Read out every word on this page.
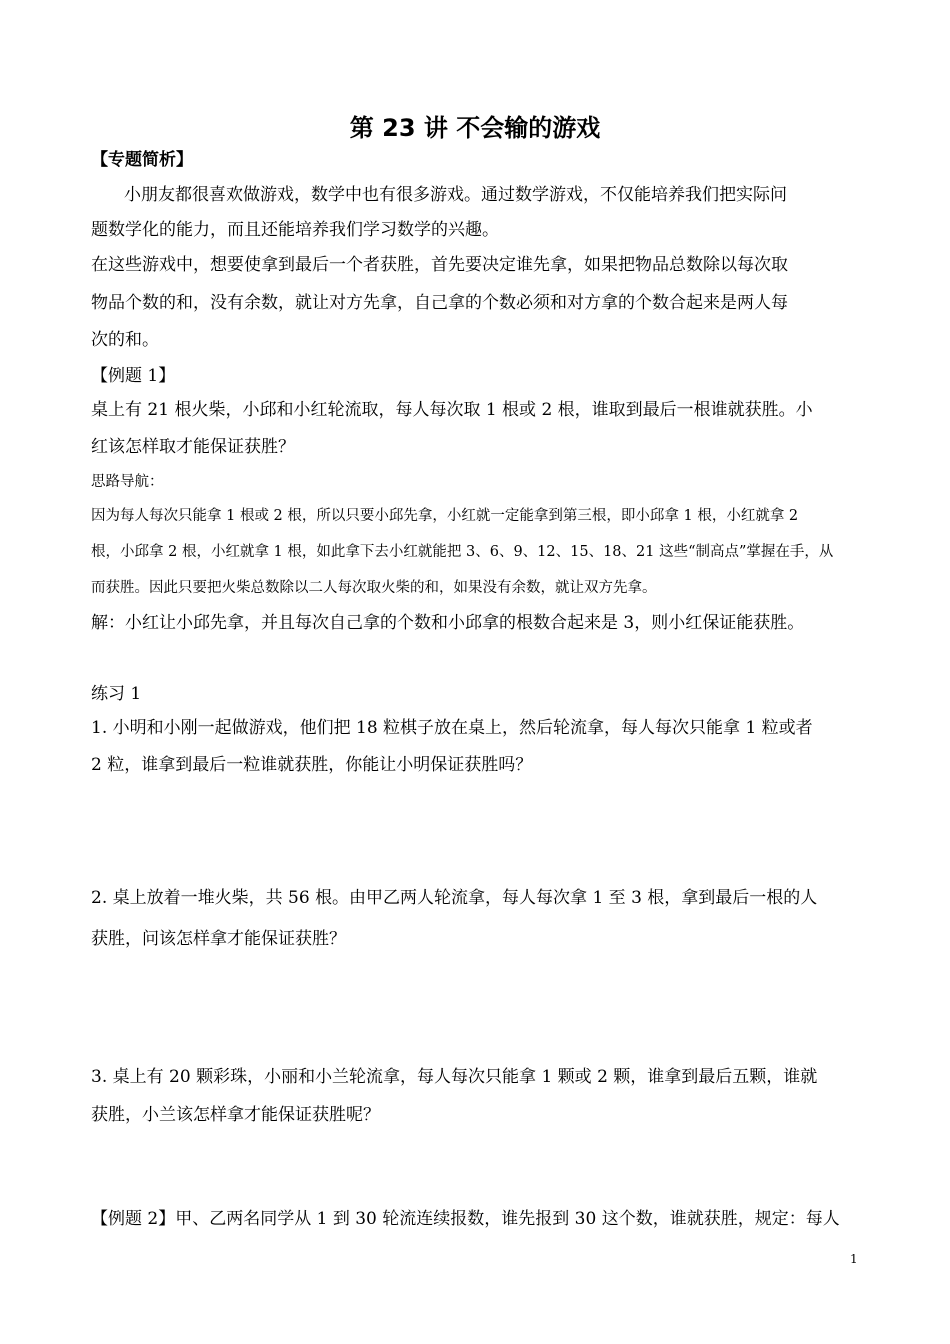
第 23 讲 不会输的游戏
【专题简析】
小朋友都很喜欢做游戏，数学中也有很多游戏。通过数学游戏，不仅能培养我们把实际问
题数学化的能力，而且还能培养我们学习数学的兴趣。
在这些游戏中，想要使拿到最后一个者获胜，首先要决定谁先拿，如果把物品总数除以每次取
物品个数的和，没有余数，就让对方先拿，自己拿的个数必须和对方拿的个数合起来是两人每
次的和。
【例题 1】
桌上有 21 根火柴，小邱和小红轮流取，每人每次取 1 根或 2 根，谁取到最后一根谁就获胜。小
红该怎样取才能保证获胜？
思路导航：
因为每人每次只能拿 1 根或 2 根，所以只要小邱先拿，小红就一定能拿到第三根，即小邱拿 1 根，小红就拿 2
根，小邱拿 2 根，小红就拿 1 根，如此拿下去小红就能把 3、6、9、12、15、18、21 这些“制高点”掌握在手，从
而获胜。因此只要把火柴总数除以二人每次取火柴的和，如果没有余数，就让双方先拿。
解：小红让小邱先拿，并且每次自己拿的个数和小邱拿的根数合起来是 3，则小红保证能获胜。
练习 1
1. 小明和小刚一起做游戏，他们把 18 粒棋子放在桌上，然后轮流拿，每人每次只能拿 1 粒或者
2 粒，谁拿到最后一粒谁就获胜，你能让小明保证获胜吗？
2. 桌上放着一堆火柴，共 56 根。由甲乙两人轮流拿，每人每次拿 1 至 3 根，拿到最后一根的人
获胜，问该怎样拿才能保证获胜？
3. 桌上有 20 颗彩珠，小丽和小兰轮流拿，每人每次只能拿 1 颗或 2 颗，谁拿到最后五颗，谁就
获胜，小兰该怎样拿才能保证获胜呢？
【例题 2】甲、乙两名同学从 1 到 30 轮流连续报数，谁先报到 30 这个数，谁就获胜，规定：每人
1
